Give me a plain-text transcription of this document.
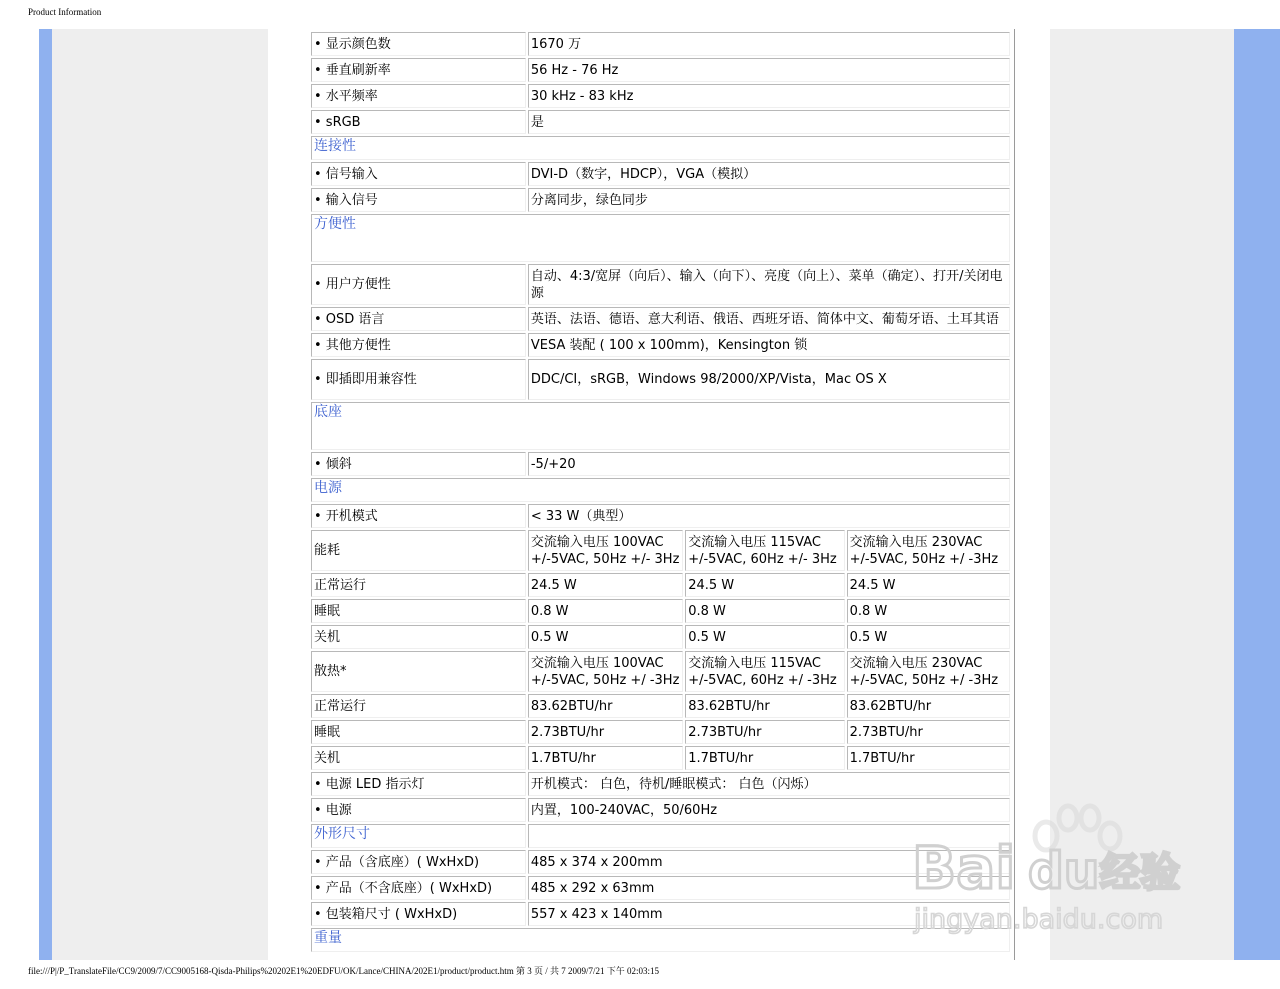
Product Information
• 显示颜色数	1670 万		
• 垂直刷新率	56 Hz - 76 Hz		
• 水平频率	30 kHz - 83 kHz		
• sRGB	是		
连接性			
• 信号输入	DVI-D（数字，HDCP），VGA（模拟）		
• 输入信号	分离同步，绿色同步		
方便性			
• 用户方便性	自动、4:3/宽屏（向后）、输入（向下）、亮度（向上）、菜单（确定）、打开/关闭电源		
• OSD 语言	英语、法语、德语、意大利语、俄语、西班牙语、简体中文、葡萄牙语、土耳其语		
• 其他方便性	VESA 装配 ( 100 x 100mm)，Kensington 锁		
• 即插即用兼容性	DDC/CI，sRGB，Windows 98/2000/XP/Vista，Mac OS X		
底座			
• 倾斜	-5/+20		
电源			
• 开机模式	< 33 W（典型）		
能耗	交流输入电压 100VAC +/-5VAC, 50Hz +/- 3Hz	交流输入电压 115VAC +/-5VAC, 60Hz +/- 3Hz	交流输入电压 230VAC +/-5VAC, 50Hz +/ -3Hz
正常运行	24.5 W	24.5 W	24.5 W
睡眠	0.8 W	0.8 W	0.8 W
关机	0.5 W	0.5 W	0.5 W
散热*	交流输入电压 100VAC +/-5VAC, 50Hz +/ -3Hz	交流输入电压 115VAC +/-5VAC, 60Hz +/ -3Hz	交流输入电压 230VAC +/-5VAC, 50Hz +/ -3Hz
正常运行	83.62BTU/hr	83.62BTU/hr	83.62BTU/hr
睡眠	2.73BTU/hr	2.73BTU/hr	2.73BTU/hr
关机	1.7BTU/hr	1.7BTU/hr	1.7BTU/hr
• 电源 LED 指示灯	开机模式： 白色，待机/睡眠模式： 白色（闪烁）		
• 电源	内置，100-240VAC，50/60Hz		
外形尺寸			
• 产品（含底座）( WxHxD)	485 x 374 x 200mm		
• 产品（不含底座）( WxHxD)	485 x 292 x 63mm		
• 包装箱尺寸 ( WxHxD)	557 x 423 x 140mm		
重量			
Bai du 经验
jingyan.baidu.com
file:///P|/P_TranslateFile/CC9/2009/7/CC9005168-Qisda-Philips%20202E1%20EDFU/OK/Lance/CHINA/202E1/product/product.htm 第 3 页 / 共 7 2009/7/21 下午 02:03:15
